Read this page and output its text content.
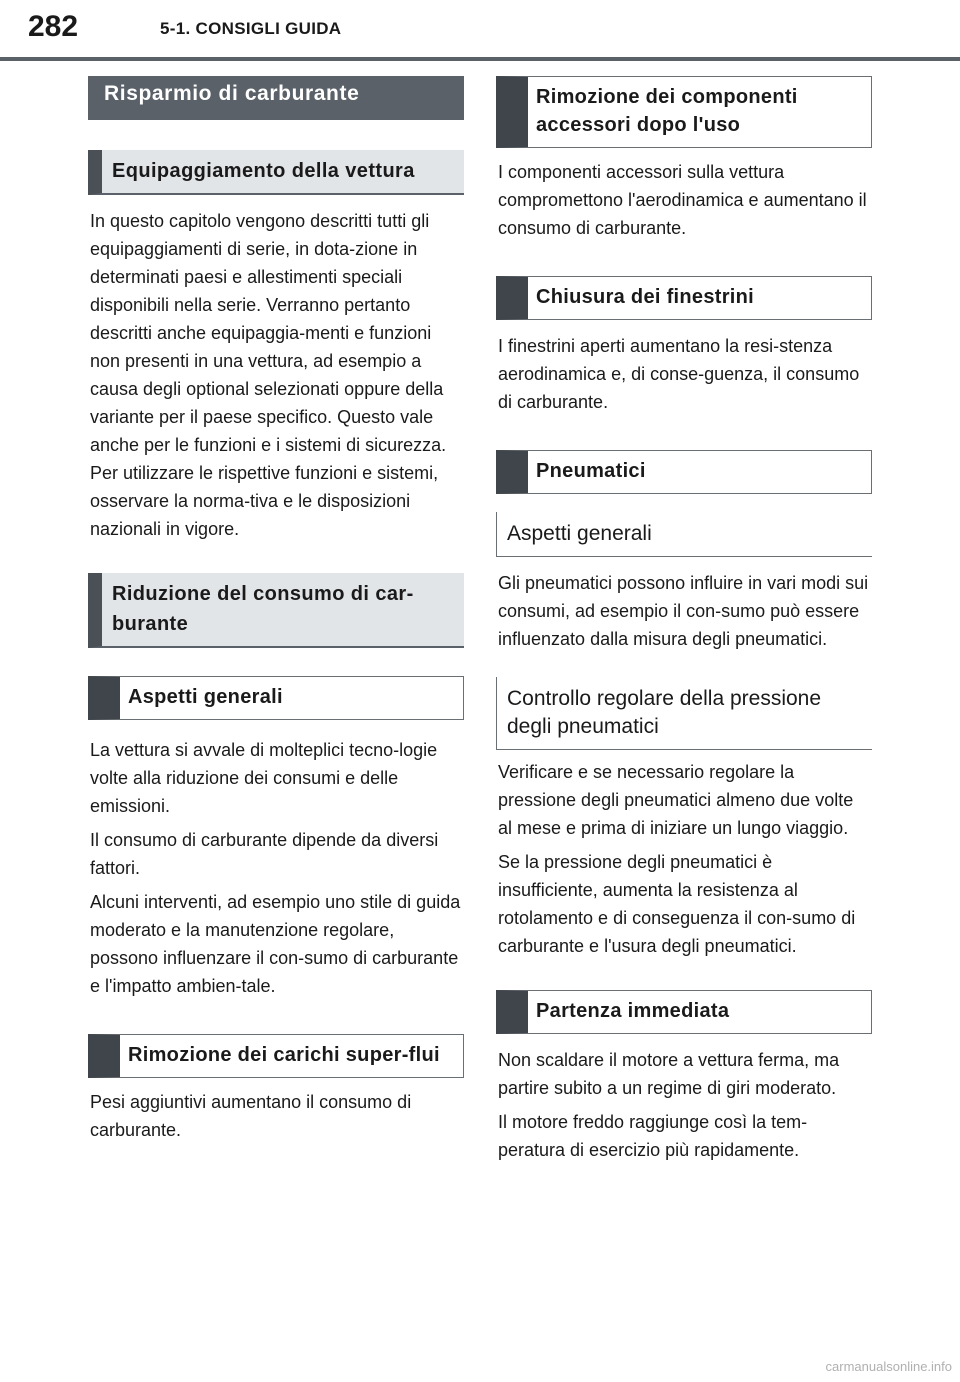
282	5-1. CONSIGLI GUIDA
Risparmio di carburante
Equipaggiamento della vettura

In questo capitolo vengono descritti tutti gli equipaggiamenti di serie, in dota-zione in determinati paesi e allestimenti speciali disponibili nella serie. Verranno pertanto descritti anche equipaggia-menti e funzioni non presenti in una vettura, ad esempio a causa degli optional selezionati oppure della variante per il paese specifico. Questo vale anche per le funzioni e i sistemi di sicurezza. Per utilizzare le rispettive funzioni e sistemi, osservare la norma-tiva e le disposizioni nazionali in vigore.

Riduzione del consumo di car-burante
Aspetti generali

La vettura si avvale di molteplici tecno-logie volte alla riduzione dei consumi e delle emissioni.

Il consumo di carburante dipende da diversi fattori.

Alcuni interventi, ad esempio uno stile di guida moderato e la manutenzione regolare, possono influenzare il con-sumo di carburante e l'impatto ambien-tale.

Rimozione dei carichi super-flui

Pesi aggiuntivi aumentano il consumo di carburante.

Rimozione dei componenti accessori dopo l'uso

I componenti accessori sulla vettura compromettono l'aerodinamica e aumentano il consumo di carburante.

Chiusura dei finestrini

I finestrini aperti aumentano la resi-stenza aerodinamica e, di conse-guenza, il consumo di carburante.

Pneumatici
Aspetti generali

Gli pneumatici possono influire in vari modi sui consumi, ad esempio il con-sumo può essere influenzato dalla misura degli pneumatici.

Controllo regolare della pressione degli pneumatici

Verificare e se necessario regolare la pressione degli pneumatici almeno due volte al mese e prima di iniziare un lungo viaggio.

Se la pressione degli pneumatici è insufficiente, aumenta la resistenza al rotolamento e di conseguenza il con-sumo di carburante e l'usura degli pneumatici.

Partenza immediata

Non scaldare il motore a vettura ferma, ma partire subito a un regime di giri moderato.

Il motore freddo raggiunge così la tem-peratura di esercizio più rapidamente.

carmanualsonline.info
